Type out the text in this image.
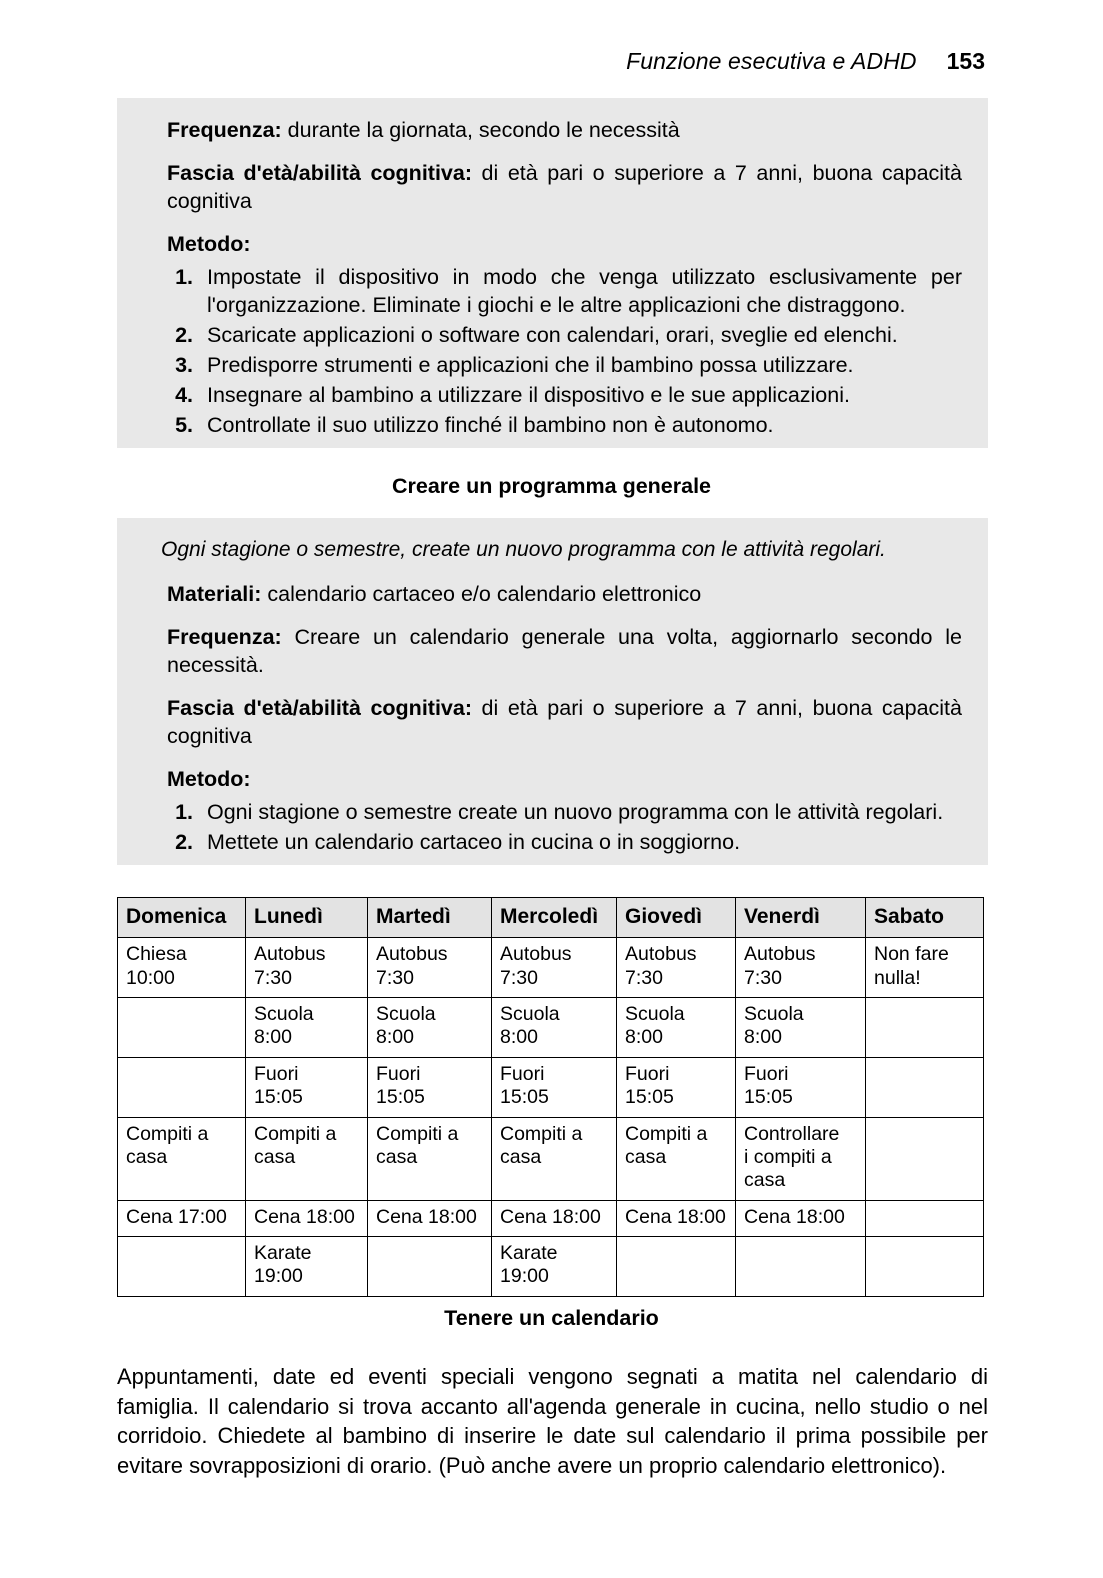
Funzione esecutiva e ADHD 153

Frequenza: durante la giornata, secondo le necessità

Fascia d'età/abilità cognitiva: di età pari o superiore a 7 anni, buona capacità cognitiva

Metodo:

1. Impostate il dispositivo in modo che venga utilizzato esclusivamente per l'organizzazione. Eliminate i giochi e le altre applicazioni che distraggono.
2. Scaricate applicazioni o software con calendari, orari, sveglie ed elenchi.
3. Predisporre strumenti e applicazioni che il bambino possa utilizzare.
4. Insegnare al bambino a utilizzare il dispositivo e le sue applicazioni.
5. Controllate il suo utilizzo finché il bambino non è autonomo.
Creare un programma generale

Ogni stagione o semestre, create un nuovo programma con le attività regolari.

Materiali: calendario cartaceo e/o calendario elettronico

Frequenza: Creare un calendario generale una volta, aggiornarlo secondo le necessità.

Fascia d'età/abilità cognitiva: di età pari o superiore a 7 anni, buona capacità cognitiva

Metodo:

1. Ogni stagione o semestre create un nuovo programma con le attività regolari.
2. Mettete un calendario cartaceo in cucina o in soggiorno.
Domenica	Lunedì	Martedì	Mercoledì	Giovedì	Venerdì	Sabato
Chiesa
10:00	Autobus
7:30	Autobus
7:30	Autobus
7:30	Autobus
7:30	Autobus
7:30	Non fare
nulla!

	Scuola
8:00	Scuola
8:00	Scuola
8:00	Scuola
8:00	Scuola
8:00	

	Fuori
15:05	Fuori
15:05	Fuori
15:05	Fuori
15:05	Fuori
15:05	

Compiti a
casa	Compiti a
casa	Compiti a
casa	Compiti a
casa	Compiti a
casa	Controllare
i compiti a
casa	

Cena 17:00	Cena 18:00	Cena 18:00	Cena 18:00	Cena 18:00	Cena 18:00	

	Karate
19:00		Karate
19:00			

Tenere un calendario

Appuntamenti, date ed eventi speciali vengono segnati a matita nel calendario di famiglia. Il calendario si trova accanto all'agenda generale in cucina, nello studio o nel corridoio. Chiedete al bambino di inserire le date sul calendario il prima possibile per evitare sovrapposizioni di orario. (Può anche avere un proprio calendario elettronico).
